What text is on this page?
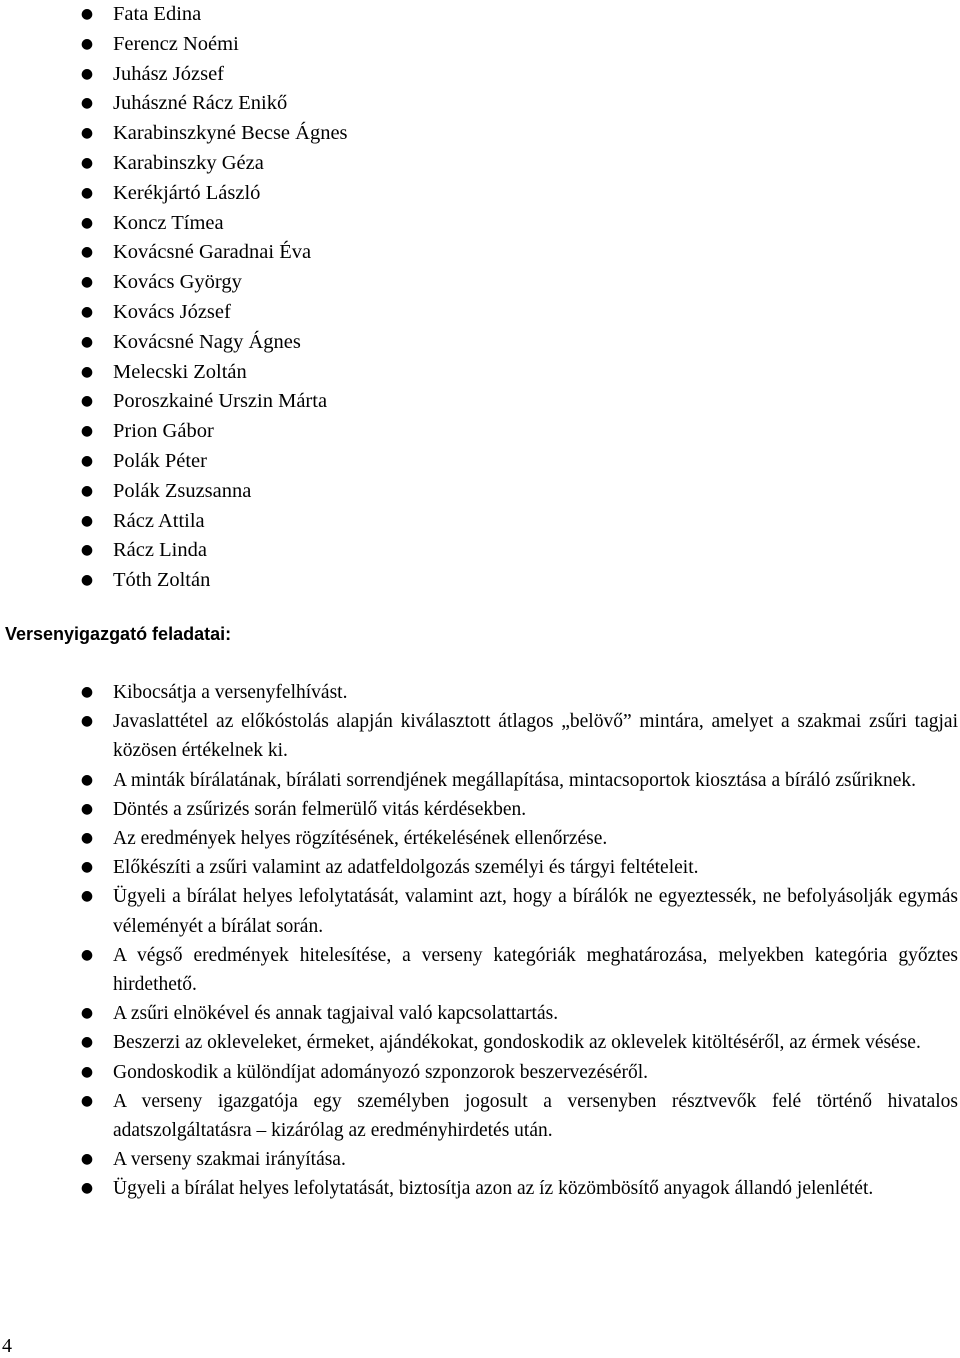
● Fata Edina
● Ferencz Noémi
● Juhász József
● Juhászné Rácz Enikő
● Karabinszkyné Becse Ágnes
● Karabinszky Géza
● Kerékjártó László
● Koncz Tímea
● Kovácsné Garadnai Éva
● Kovács György
● Kovács József
● Kovácsné Nagy Ágnes
● Melecski Zoltán
● Poroszkainé Urszin Márta
● Prion Gábor
● Polák Péter
● Polák Zsuzsanna
● Rácz Attila
● Rácz Linda
● Tóth Zoltán
Versenyigazgató feladatai:
● Kibocsátja a versenyfelhívást.
● Javaslattétel az előkóstolás alapján kiválasztott átlagos „belövő” mintára, amelyet a szakmai zsűri tagjai közösen értékelnek ki.
● A minták bírálatának, bírálati sorrendjének megállapítása, mintacsoportok kiosztása a bíráló zsűriknek.
● Döntés a zsűrizés során felmerülő vitás kérdésekben.
● Az eredmények helyes rögzítésének, értékelésének ellenőrzése.
● Előkészíti a zsűri valamint az adatfeldolgozás személyi és tárgyi feltételeit.
● Ügyeli a bírálat helyes lefolytatását, valamint azt, hogy a bírálók ne egyeztessék, ne befolyásolják egymás véleményét a bírálat során.
● A végső eredmények hitelesítése, a verseny kategóriák meghatározása, melyekben kategória győztes hirdethető.
● A zsűri elnökével és annak tagjaival való kapcsolattartás.
● Beszerzi az okleveleket, érmeket, ajándékokat, gondoskodik az oklevelek kitöltéséről, az érmek vésése.
● Gondoskodik a különdíjat adományozó szponzorok beszervezéséről.
● A verseny igazgatója egy személyben jogosult a versenyben résztvevők felé történő hivatalos adatszolgáltatásra – kizárólag az eredményhirdetés után.
● A verseny szakmai irányítása.
● Ügyeli a bírálat helyes lefolytatását, biztosítja azon az íz közömbösítő anyagok állandó jelenlétét.
4
